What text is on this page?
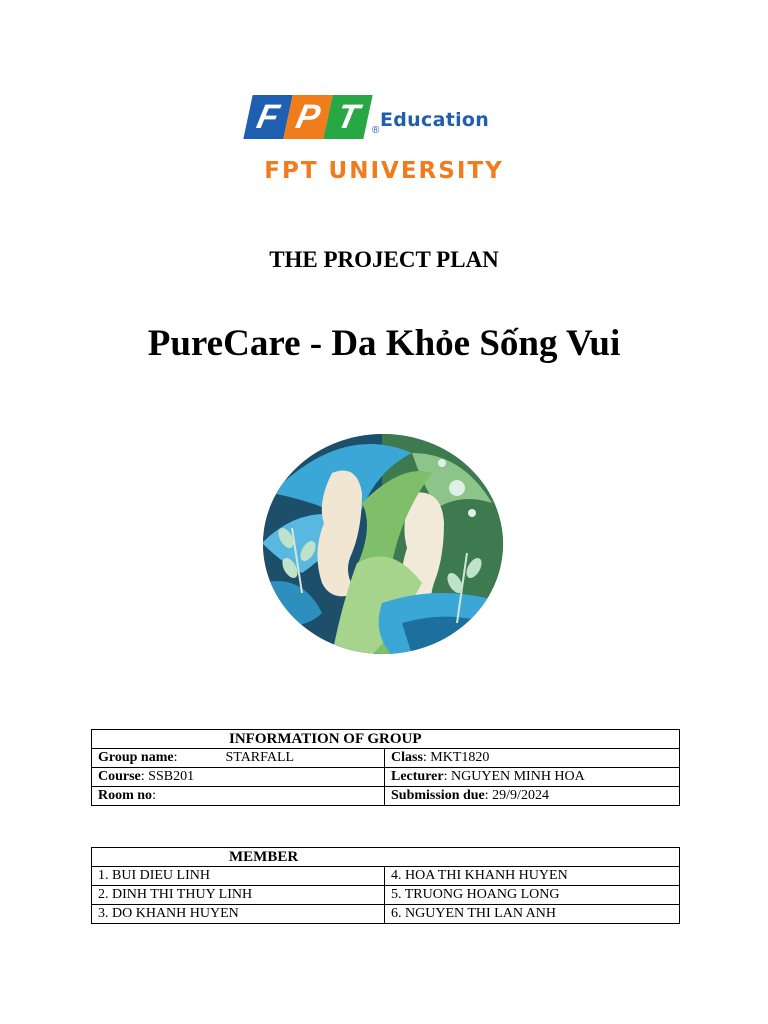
F P T ® Education
FPT UNIVERSITY
THE PROJECT PLAN
PureCare - Da Khỏe Sống Vui
INFORMATION OF GROUP	
Group name: STARFALL	Class: MKT1820
Course: SSB201	Lecturer: NGUYEN MINH HOA
Room no:	Submission due: 29/9/2024
MEMBER	
1. BUI DIEU LINH	4. HOA THI KHANH HUYEN
2. DINH THI THUY LINH	5. TRUONG HOANG LONG
3. DO KHANH HUYEN	6. NGUYEN THI LAN ANH
